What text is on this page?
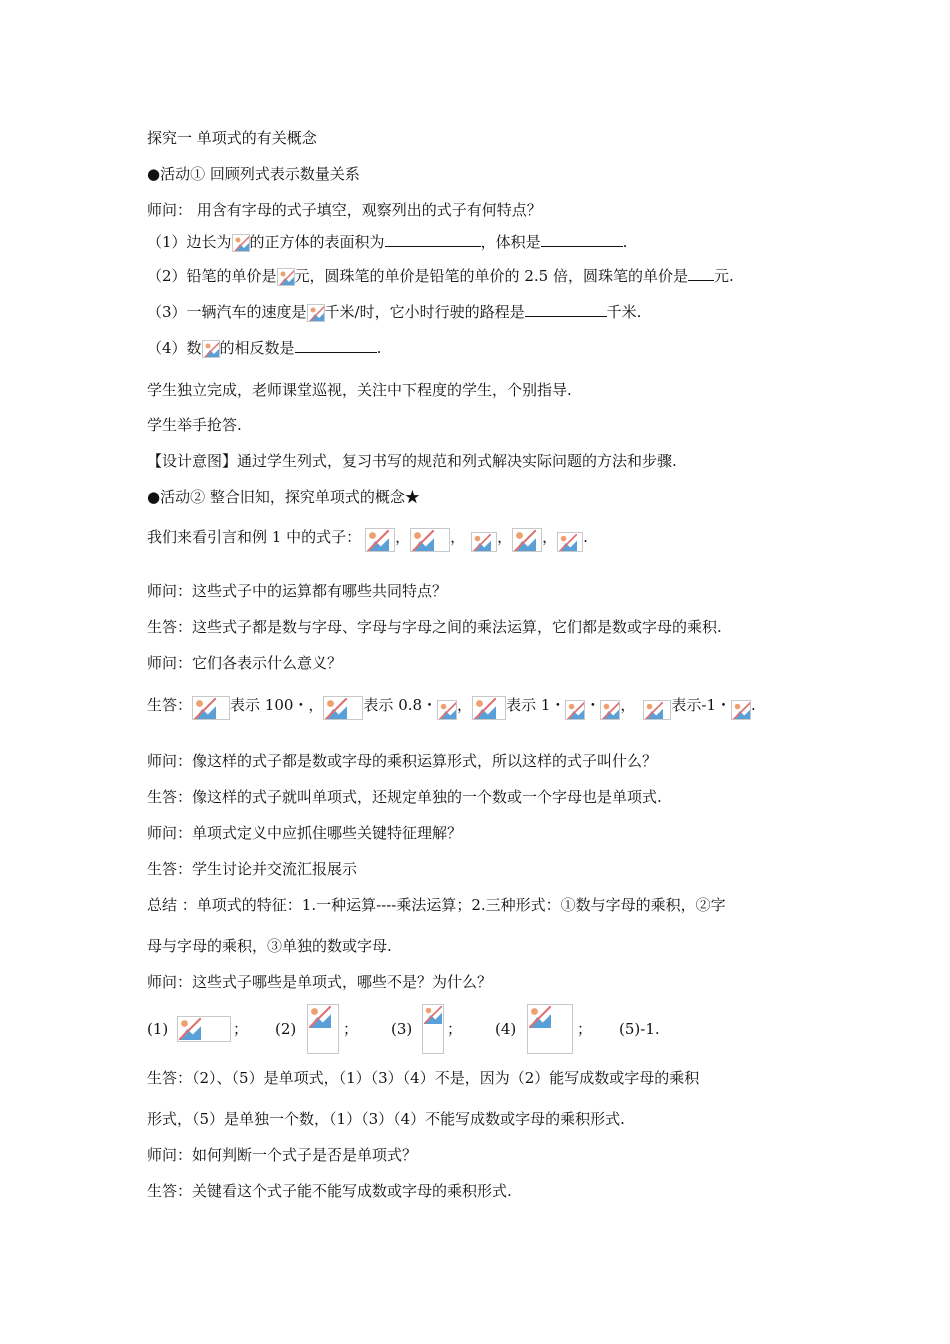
探究一 单项式的有关概念
●活动① 回顾列式表示数量关系
师问： 用含有字母的式子填空，观察列出的式子有何特点？
（1）边长为 的正方体的表面积为	，体积是	.
（2）铅笔的单价是 元，圆珠笔的单价是铅笔的单价的 2.5 倍，圆珠笔的单价是 元.
（3）一辆汽车的速度是 千米/时，它小时行驶的路程是	千米.
（4）数 的相反数是	.
学生独立完成，老师课堂巡视，关注中下程度的学生，个别指导.
学生举手抢答.
【设计意图】通过学生列式，复习书写的规范和列式解决实际问题的方法和步骤.
●活动② 整合旧知，探究单项式的概念★
我们来看引言和例 1 中的式子： ，	， ， ， .
师问：这些式子中的运算都有哪些共同特点？
生答：这些式子都是数与字母、字母与字母之间的乘法运算，它们都是数或字母的乘积.
师问：它们各表示什么意义？
生答：	表示 100・，	表示 0.8・ ， 表示 1・ ・ ， 表示-1・ .
师问：像这样的式子都是数或字母的乘积运算形式，所以这样的式子叫什么？
生答：像这样的式子就叫单项式，还规定单独的一个数或一个字母也是单项式.
师问：单项式定义中应抓住哪些关键特征理解？
生答：学生讨论并交流汇报展示
总结 ：单项式的特征：1.一种运算----乘法运算；2.三种形式：①数与字母的乘积，②字
母与字母的乘积，③单独的数或字母.
师问：这些式子哪些是单项式，哪些不是？为什么？
(1)	； (2)	； (3) ； (4)	； (5)-1.
生答：（2）、（5）是单项式，（1）（3）（4）不是，因为（2）能写成数或字母的乘积
形式，（5）是单独一个数，（1）（3）（4）不能写成数或字母的乘积形式.
师问：如何判断一个式子是否是单项式？
生答：关键看这个式子能不能写成数或字母的乘积形式.
